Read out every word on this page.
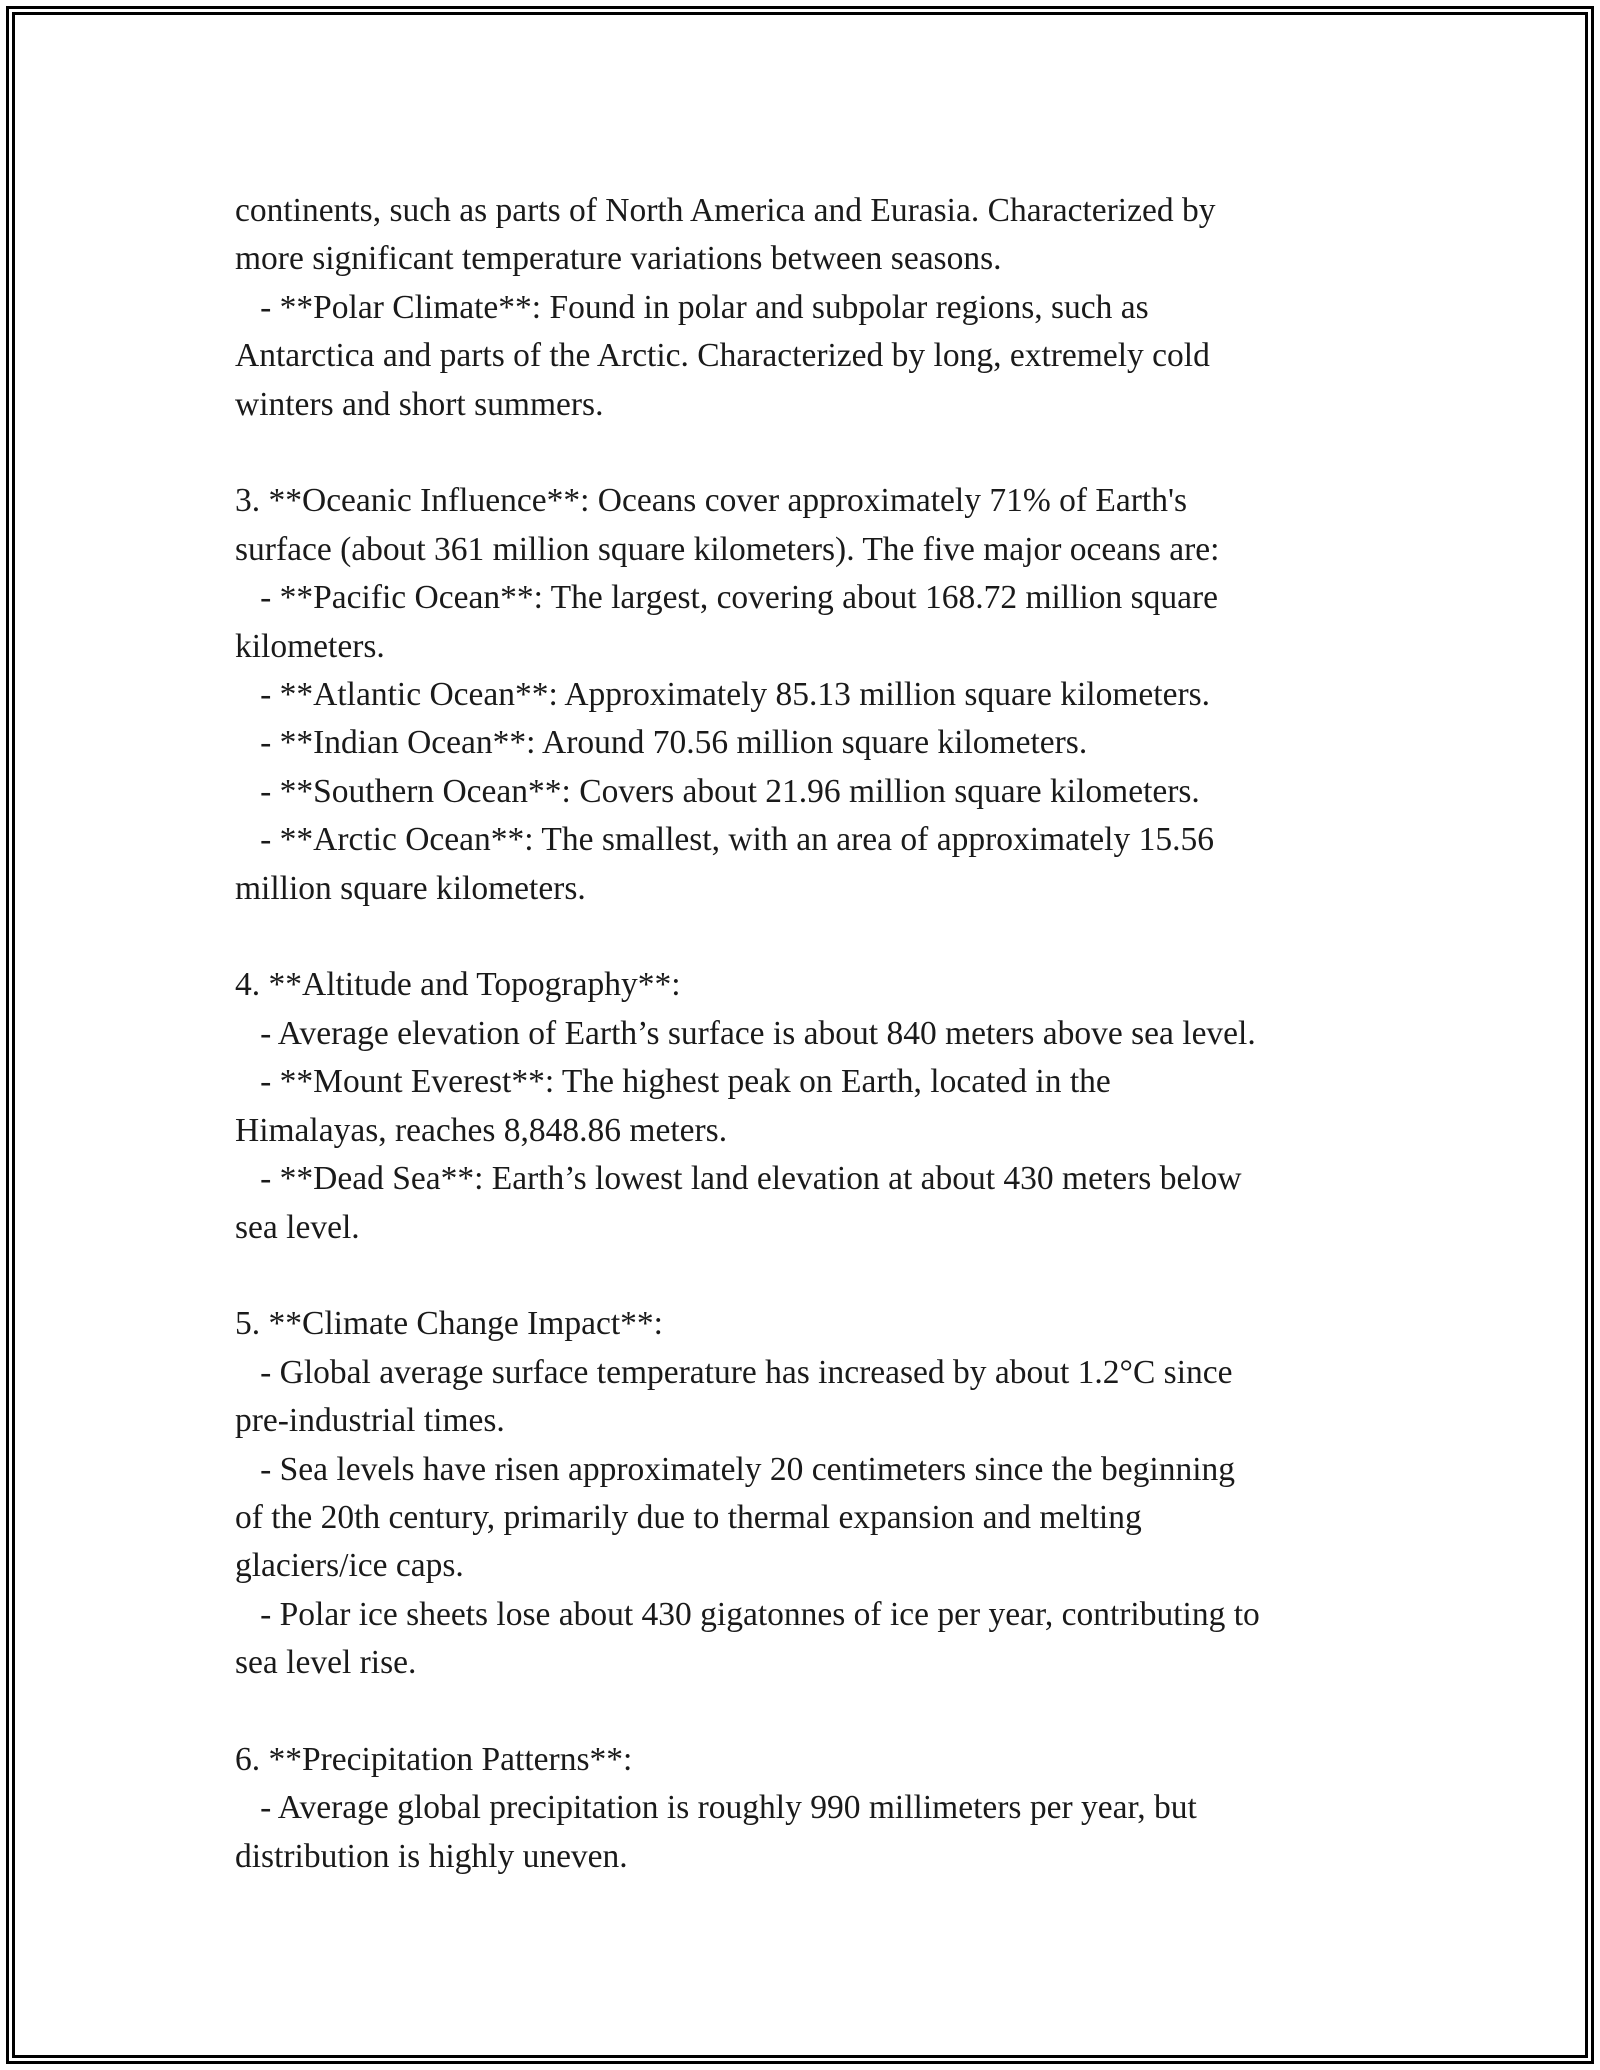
continents, such as parts of North America and Eurasia. Characterized by
more significant temperature variations between seasons.

- **Polar Climate**: Found in polar and subpolar regions, such as
Antarctica and parts of the Arctic. Characterized by long, extremely cold
winters and short summers.

3. **Oceanic Influence**: Oceans cover approximately 71% of Earth's
surface (about 361 million square kilometers). The five major oceans are:

- **Pacific Ocean**: The largest, covering about 168.72 million square
kilometers.

- **Atlantic Ocean**: Approximately 85.13 million square kilometers.

- **Indian Ocean**: Around 70.56 million square kilometers.

- **Southern Ocean**: Covers about 21.96 million square kilometers.

- **Arctic Ocean**: The smallest, with an area of approximately 15.56
million square kilometers.

4. **Altitude and Topography**:

- Average elevation of Earth’s surface is about 840 meters above sea level.

- **Mount Everest**: The highest peak on Earth, located in the
Himalayas, reaches 8,848.86 meters.

- **Dead Sea**: Earth’s lowest land elevation at about 430 meters below
sea level.

5. **Climate Change Impact**:

- Global average surface temperature has increased by about 1.2°C since
pre-industrial times.

- Sea levels have risen approximately 20 centimeters since the beginning
of the 20th century, primarily due to thermal expansion and melting
glaciers/ice caps.

- Polar ice sheets lose about 430 gigatonnes of ice per year, contributing to
sea level rise.

6. **Precipitation Patterns**:

- Average global precipitation is roughly 990 millimeters per year, but
distribution is highly uneven.
